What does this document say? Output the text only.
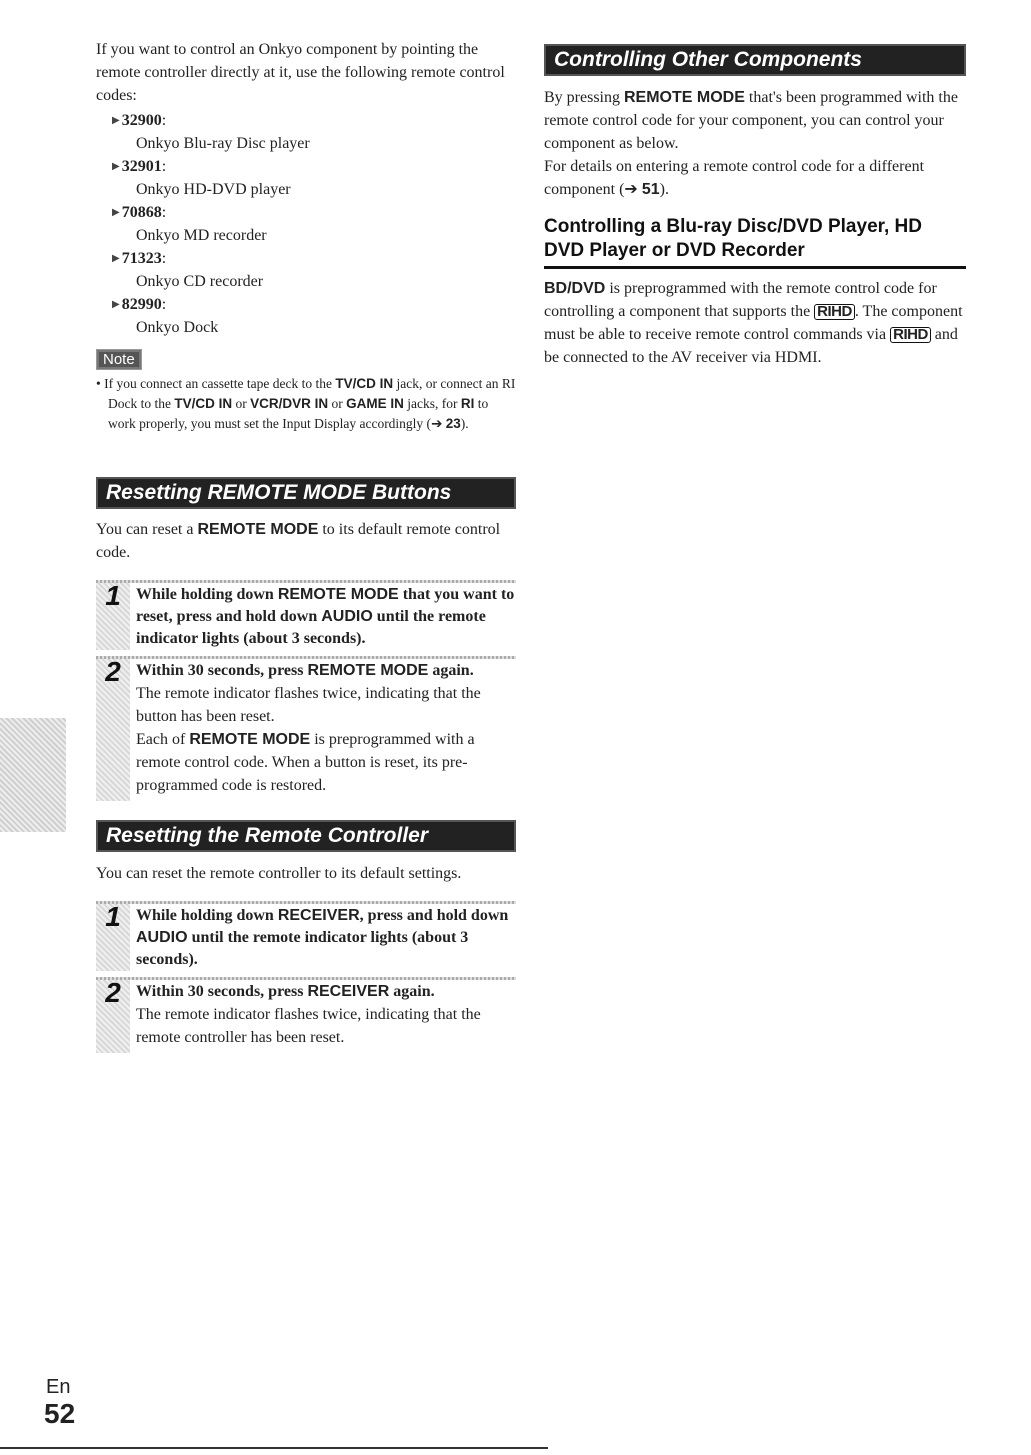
If you want to control an Onkyo component by pointing the remote controller directly at it, use the following remote control codes:

▶ 32900:
Onkyo Blu-ray Disc player
▶ 32901:
Onkyo HD-DVD player
▶ 70868:
Onkyo MD recorder
▶ 71323:
Onkyo CD recorder
▶ 82990:
Onkyo Dock
Note
• If you connect an cassette tape deck to the TV/CD IN jack, or connect an RI Dock to the TV/CD IN or VCR/DVR IN or GAME IN jacks, for RI to work properly, you must set the Input Display accordingly (➔ 23).
Resetting REMOTE MODE Buttons

You can reset a REMOTE MODE to its default remote control code.

1 While holding down REMOTE MODE that you want to reset, press and hold down AUDIO until the remote indicator lights (about 3 seconds).
2 Within 30 seconds, press REMOTE MODE again.
The remote indicator flashes twice, indicating that the button has been reset.
Each of REMOTE MODE is preprogrammed with a remote control code. When a button is reset, its pre-programmed code is restored.
Resetting the Remote Controller

You can reset the remote controller to its default settings.

1 While holding down RECEIVER, press and hold down AUDIO until the remote indicator lights (about 3 seconds).
2 Within 30 seconds, press RECEIVER again.
The remote indicator flashes twice, indicating that the remote controller has been reset.
Controlling Other Components

By pressing REMOTE MODE that's been programmed with the remote control code for your component, you can control your component as below.

For details on entering a remote control code for a different component (➔ 51).

Controlling a Blu-ray Disc/DVD Player, HD DVD Player or DVD Recorder

BD/DVD is preprogrammed with the remote control code for controlling a component that supports the RIHD . The component must be able to receive remote control commands via RIHD and be connected to the AV receiver via HDMI.

En
52
